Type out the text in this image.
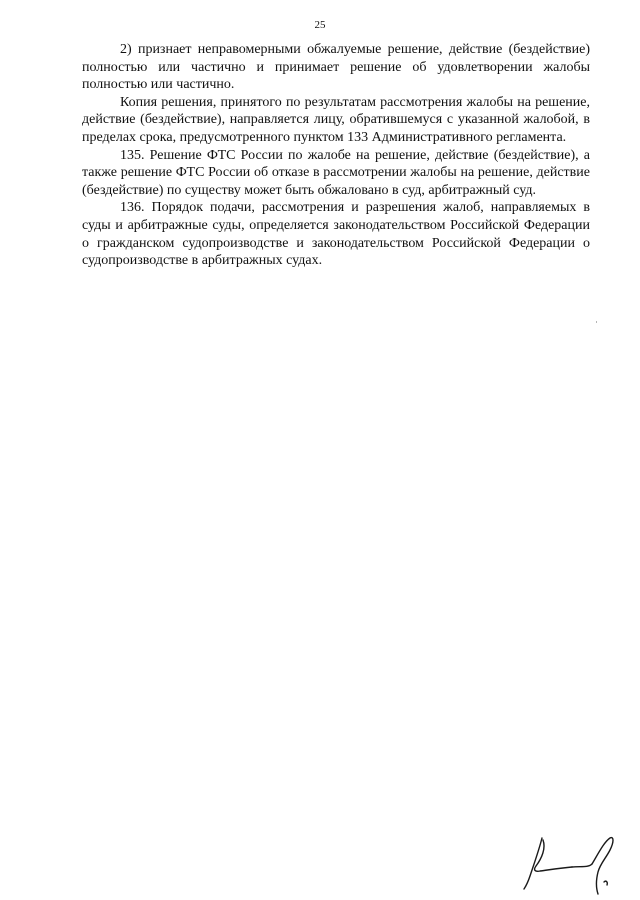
25

2) признает неправомерными обжалуемые решение, действие (бездействие) полностью или частично и принимает решение об удовлетворении жалобы полностью или частично.

Копия решения, принятого по результатам рассмотрения жалобы на решение, действие (бездействие), направляется лицу, обратившемуся с указанной жалобой, в пределах срока, предусмотренного пунктом 133 Административного регламента.

135. Решение ФТС России по жалобе на решение, действие (бездействие), а также решение ФТС России об отказе в рассмотрении жалобы на решение, действие (бездействие) по существу может быть обжаловано в суд, арбитражный суд.

136. Порядок подачи, рассмотрения и разрешения жалоб, направляемых в суды и арбитражные суды, определяется законодательством Российской Федерации о гражданском судопроизводстве и законодательством Российской Федерации о судопроизводстве в арбитражных судах.
